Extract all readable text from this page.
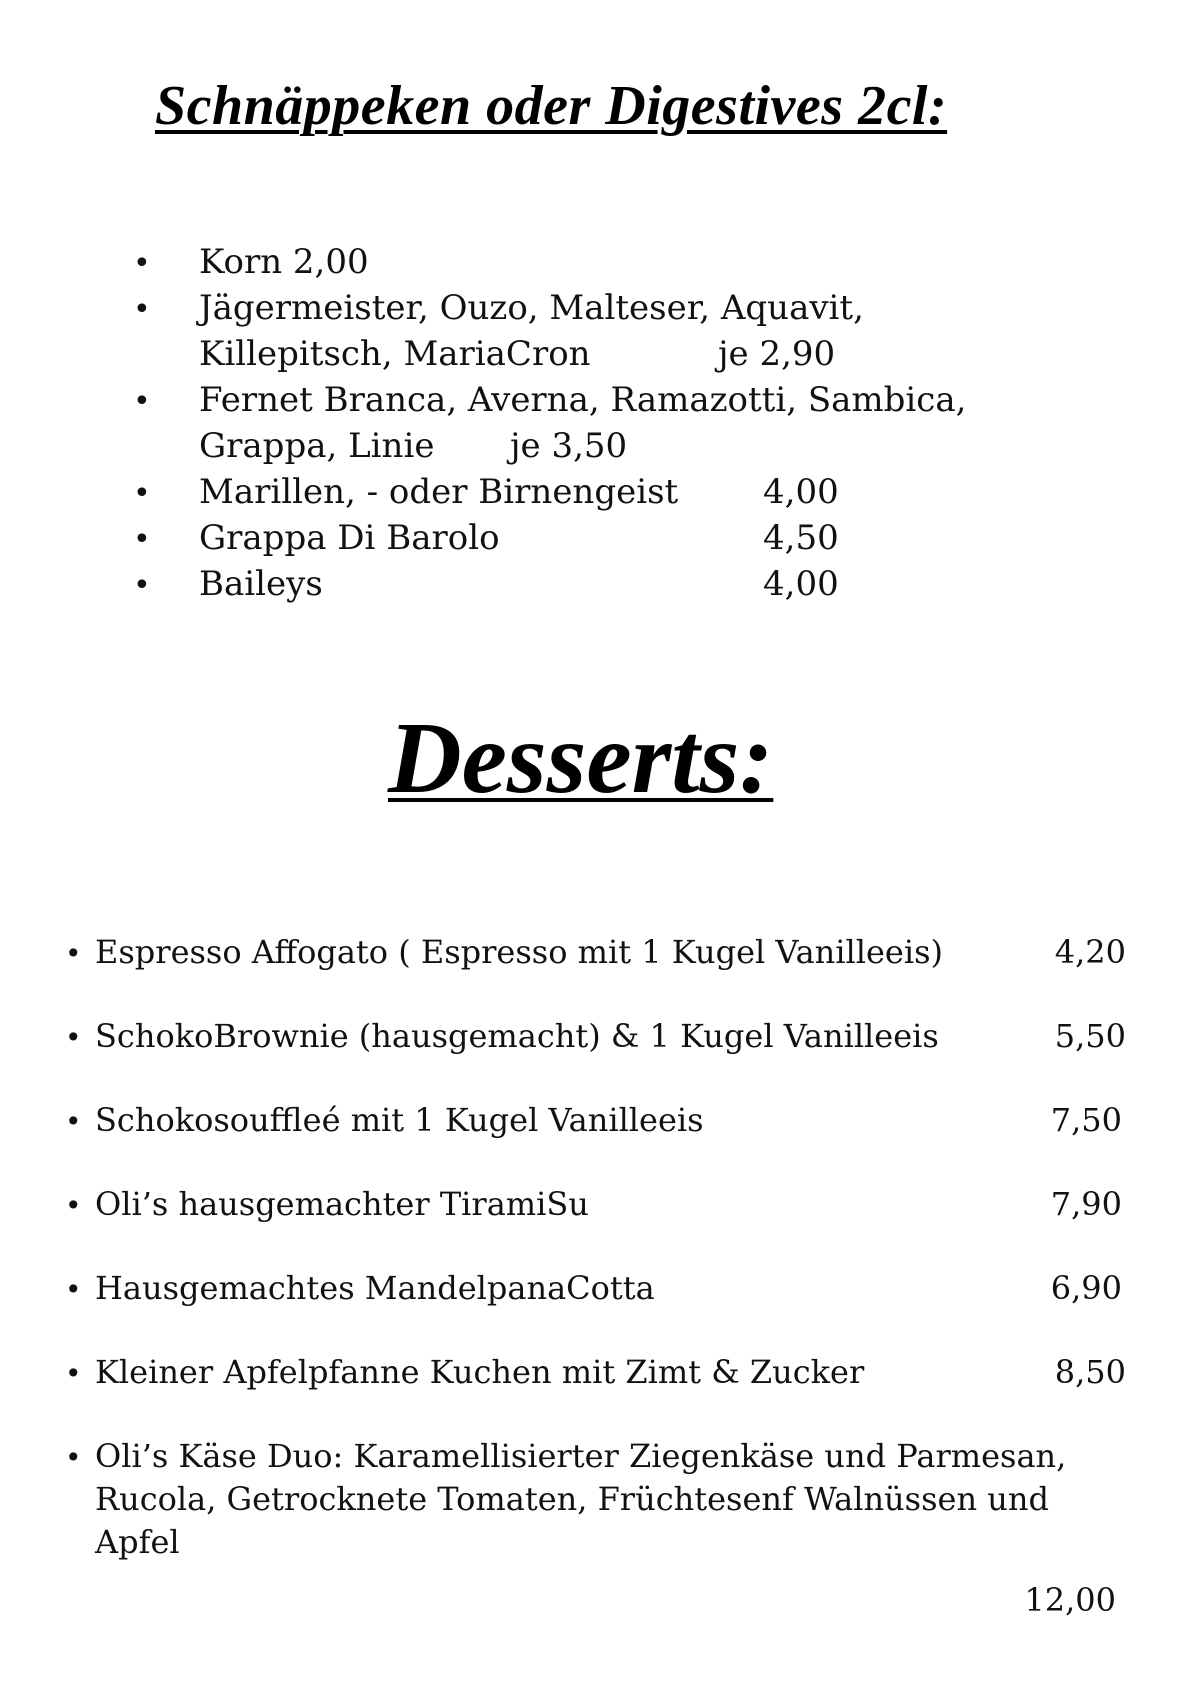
Schnäppeken oder Digestives 2cl:
• Korn 2,00
• Jägermeister, Ouzo, Malteser, Aquavit,
Killepitsch, MariaCron	je 2,90
• Fernet Branca, Averna, Ramazotti, Sambica,
Grappa, Linie je 3,50
• Marillen, - oder Birnengeist 4,00
• Grappa Di Barolo	4,50
• Baileys	4,00
Desserts:
• Espresso Affogato ( Espresso mit 1 Kugel Vanilleeis)	4,20
• SchokoBrownie (hausgemacht) & 1 Kugel Vanilleeis	5,50
• Schokosouffleé mit 1 Kugel Vanilleeis	7,50
• Oli’s hausgemachter TiramiSu	7,90
• Hausgemachtes MandelpanaCotta	6,90
• Kleiner Apfelpfanne Kuchen mit Zimt & Zucker	8,50
• Oli’s Käse Duo: Karamellisierter Ziegenkäse und Parmesan,
Rucola, Getrocknete Tomaten, Früchtesenf Walnüssen und
Apfel
12,00
